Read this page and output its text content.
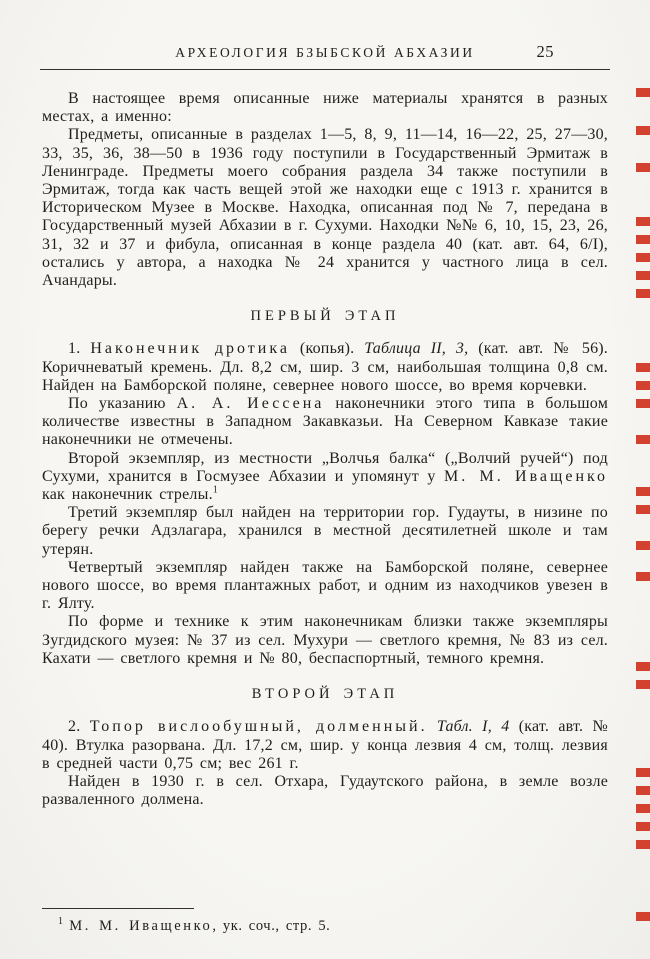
АРХЕОЛОГИЯ БЗЫБСКОЙ АБХАЗИИ	25

В настоящее время описанные ниже материалы хранятся в разных местах, а именно:

Предметы, описанные в разделах 1—5, 8, 9, 11—14, 16—22, 25, 27—30, 33, 35, 36, 38—50 в 1936 году поступили в Государственный Эрмитаж в Ленинграде. Предметы моего собрания раздела 34 также поступили в Эрмитаж, тогда как часть вещей этой же находки еще с 1913 г. хранится в Историческом Музее в Москве. Находка, описанная под № 7, передана в Государственный музей Абхазии в г. Сухуми. Находки №№ 6, 10, 15, 23, 26, 31, 32 и 37 и фибула, описанная в конце раздела 40 (кат. авт. 64, 6/I), остались у автора, а находка № 24 хранится у частного лица в сел. Ачандары.

ПЕРВЫЙ ЭТАП

1. Наконечник дротика (копья). Таблица II, 3, (кат. авт. № 56). Коричневатый кремень. Дл. 8,2 см, шир. 3 см, наибольшая толщина 0,8 см. Найден на Бамборской поляне, севернее нового шоссе, во время корчевки.

По указанию А. А. Иессена наконечники этого типа в большом количестве известны в Западном Закавказьи. На Северном Кавказе такие наконечники не отмечены.

Второй экземпляр, из местности „Волчья балка“ („Волчий ручей“) под Сухуми, хранится в Госмузее Абхазии и упомянут у М. М. Иващенко как наконечник стрелы.$^1$

Третий экземпляр был найден на территории гор. Гудауты, в низине по берегу речки Адзлагара, хранился в местной десятилетней школе и там утерян.

Четвертый экземпляр найден также на Бамборской поляне, севернее нового шоссе, во время плантажных работ, и одним из находчиков увезен в г. Ялту.

По форме и технике к этим наконечникам близки также экземпляры Зугдидского музея: № 37 из сел. Мухури — светлого кремня, № 83 из сел. Кахати — светлого кремня и № 80, беспаспортный, темного кремня.

ВТОРОЙ ЭТАП

2. Топор вислообушный, долменный. Табл. I, 4 (кат. авт. № 40). Втулка разорвана. Дл. 17,2 см, шир. у конца лезвия 4 см, толщ. лезвия в средней части 0,75 см; вес 261 г.

Найден в 1930 г. в сел. Отхара, Гудаутского района, в земле возле разваленного долмена.

$^1$ М. М. Иващенко, ук. соч., стр. 5.
